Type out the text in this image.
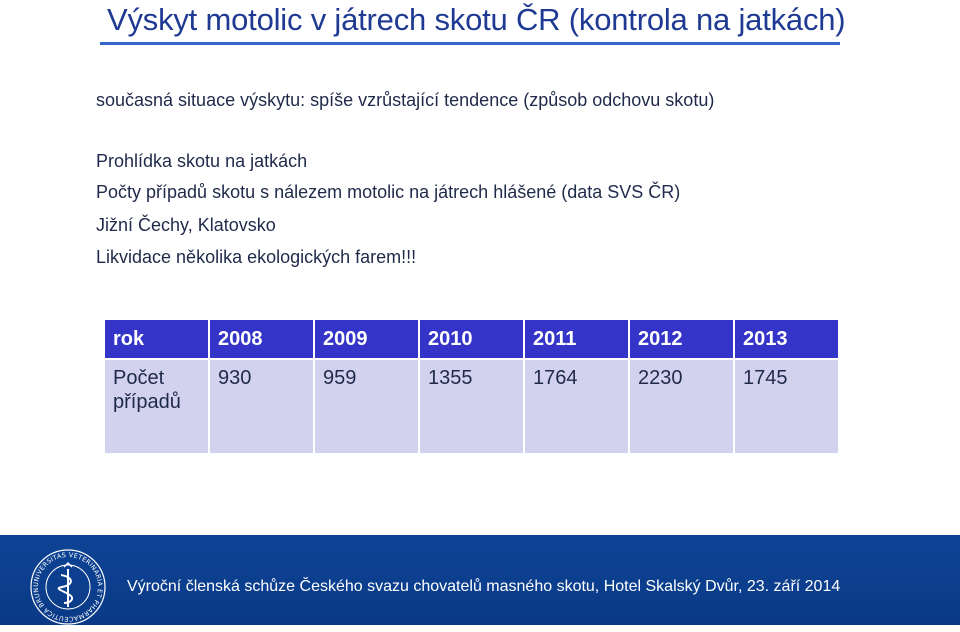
Výskyt motolic v játrech skotu ČR (kontrola na jatkách)
současná situace výskytu: spíše vzrůstající tendence (způsob odchovu skotu)
Prohlídka skotu na jatkách
Počty případů skotu s nálezem motolic na játrech hlášené (data SVS ČR)
Jižní Čechy, Klatovsko
Likvidace několika ekologických farem!!!
rok	2008	2009	2010	2011	2012	2013

Počet
případů	930	959	1355	1764	2230	1745
UNIVERSITAS VETERINARIA ET PHARMACEUTICA BRUN	Výroční členská schůze Českého svazu chovatelů masného skotu, Hotel Skalský Dvůr, 23. září 2014
